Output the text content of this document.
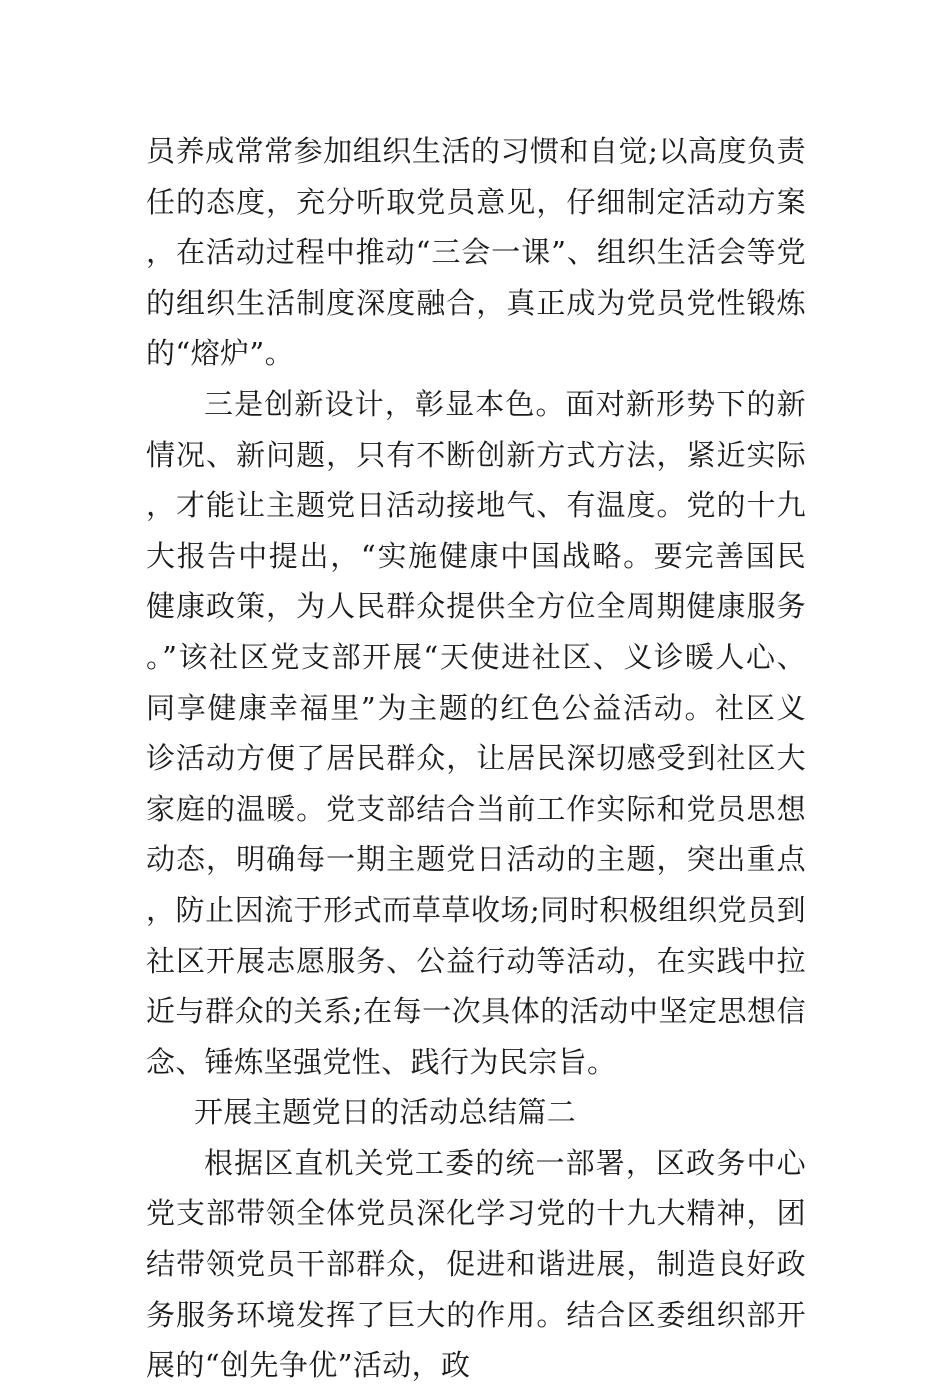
员养成常常参加组织生活的习惯和自觉;以高度负责任的态度，充分听取党员意见，仔细制定活动方案，在活动过程中推动“三会一课”、组织生活会等党的组织生活制度深度融合，真正成为党员党性锻炼的“熔炉”。

三是创新设计，彰显本色。面对新形势下的新情况、新问题，只有不断创新方式方法，紧近实际，才能让主题党日活动接地气、有温度。党的十九大报告中提出，“实施健康中国战略。要完善国民健康政策，为人民群众提供全方位全周期健康服务。”该社区党支部开展“天使进社区、义诊暖人心、同享健康幸福里”为主题的红色公益活动。社区义诊活动方便了居民群众，让居民深切感受到社区大家庭的温暖。党支部结合当前工作实际和党员思想动态，明确每一期主题党日活动的主题，突出重点，防止因流于形式而草草收场;同时积极组织党员到社区开展志愿服务、公益行动等活动，在实践中拉近与群众的关系;在每一次具体的活动中坚定思想信念、锤炼坚强党性、践行为民宗旨。

开展主题党日的活动总结篇二

根据区直机关党工委的统一部署，区政务中心党支部带领全体党员深化学习党的十九大精神，团结带领党员干部群众，促进和谐进展，制造良好政务服务环境发挥了巨大的作用。结合区委组织部开展的“创先争优”活动，政
